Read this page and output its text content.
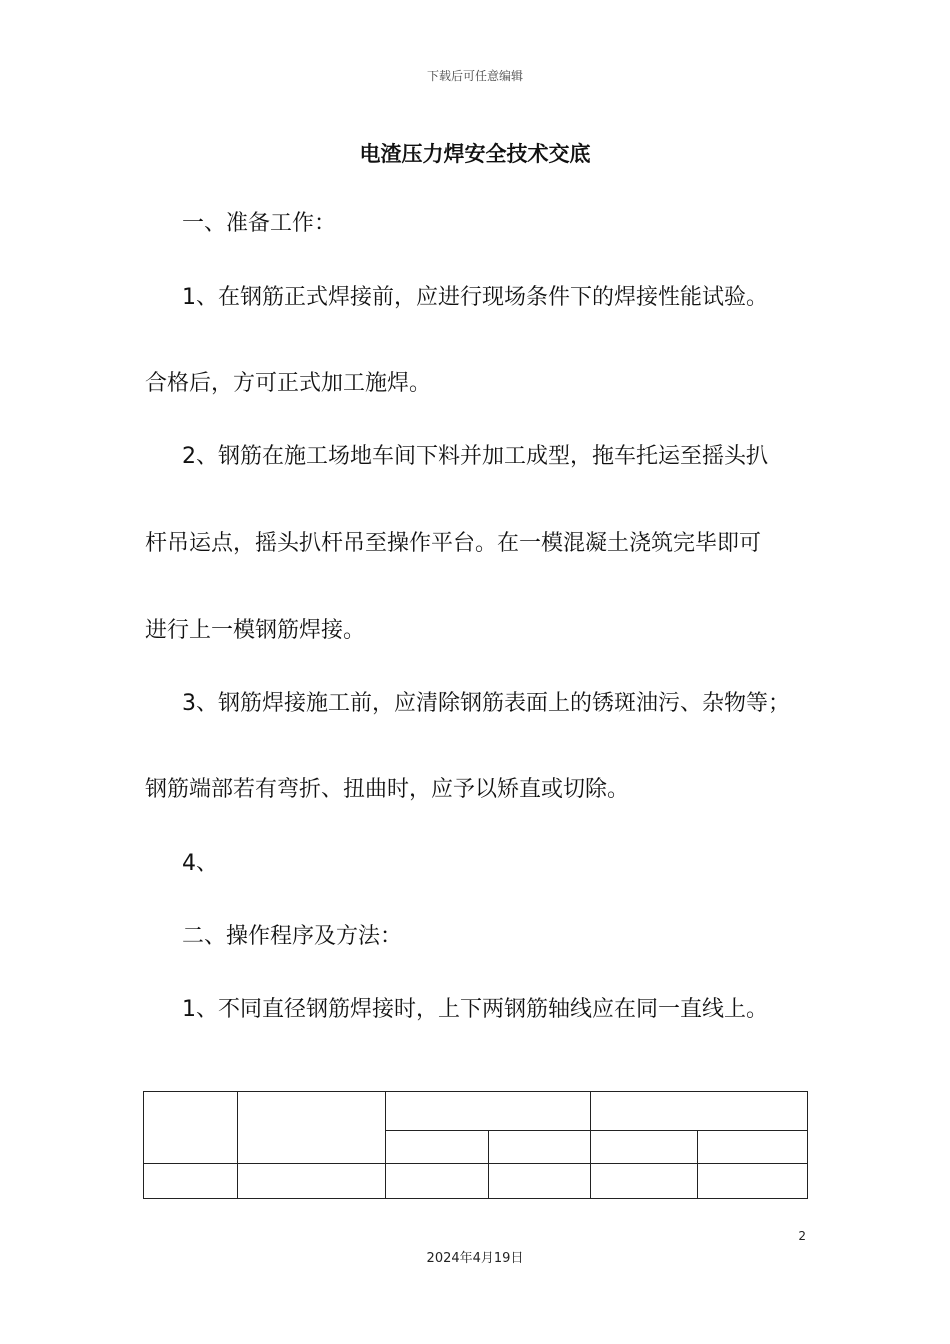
下载后可任意编辑
电渣压力焊安全技术交底
一、准备工作：
1、在钢筋正式焊接前，应进行现场条件下的焊接性能试验。
合格后，方可正式加工施焊。
2、钢筋在施工场地车间下料并加工成型，拖车托运至摇头扒
杆吊运点，摇头扒杆吊至操作平台。在一模混凝土浇筑完毕即可
进行上一模钢筋焊接。
3、钢筋焊接施工前，应清除钢筋表面上的锈斑油污、杂物等；
钢筋端部若有弯折、扭曲时，应予以矫直或切除。
4、
二、操作程序及方法：
1、不同直径钢筋焊接时，上下两钢筋轴线应在同一直线上。

2
2024年4月19日
